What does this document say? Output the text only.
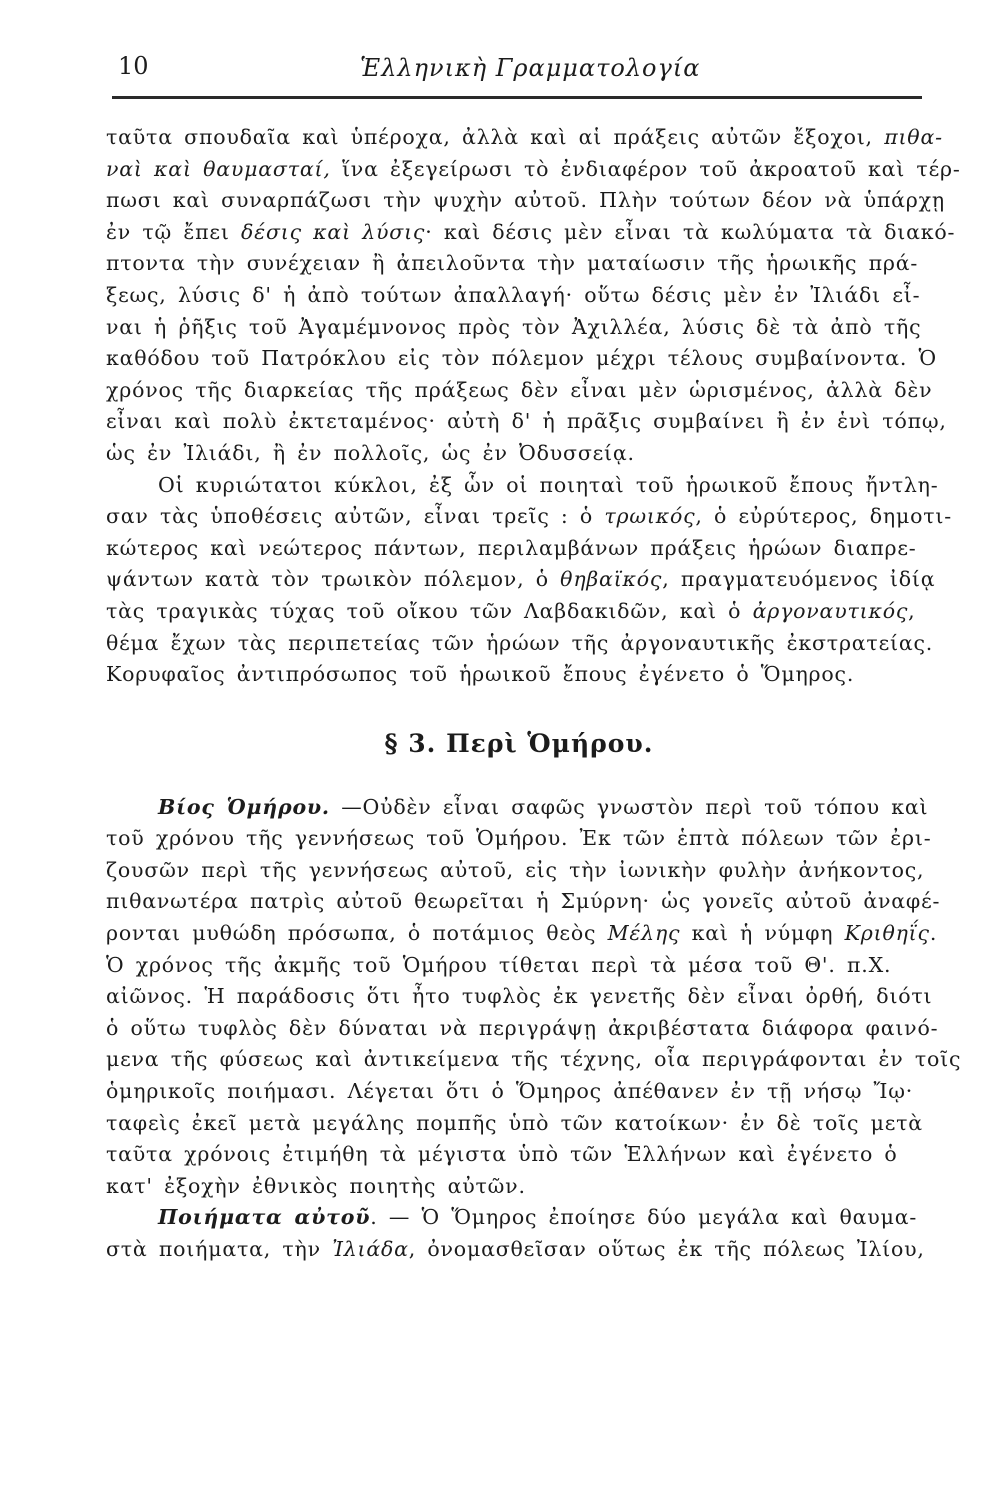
10	Ἑλληνικὴ Γραμματολογία
ταῦτα σπουδαῖα καὶ ὑπέροχα, ἀλλὰ καὶ αἱ πράξεις αὐτῶν ἔξοχοι, πιθα-
ναὶ καὶ θαυμασταί, ἵνα ἐξεγείρωσι τὸ ἐνδιαφέρον τοῦ ἀκροατοῦ καὶ τέρ-
πωσι καὶ συναρπάζωσι τὴν ψυχὴν αὐτοῦ. Πλὴν τούτων δέον νὰ ὑπάρχῃ
ἐν τῷ ἔπει δέσις καὶ λύσις· καὶ δέσις μὲν εἶναι τὰ κωλύματα τὰ διακό-
πτοντα τὴν συνέχειαν ἢ ἀπειλοῦντα τὴν ματαίωσιν τῆς ἡρωικῆς πρά-
ξεως, λύσις δ' ἡ ἀπὸ τούτων ἀπαλλαγή· οὕτω δέσις μὲν ἐν Ἰλιάδι εἶ-
ναι ἡ ῥῆξις τοῦ Ἀγαμέμνονος πρὸς τὸν Ἀχιλλέα, λύσις δὲ τὰ ἀπὸ τῆς
καθόδου τοῦ Πατρόκλου εἰς τὸν πόλεμον μέχρι τέλους συμβαίνοντα. Ὁ
χρόνος τῆς διαρκείας τῆς πράξεως δὲν εἶναι μὲν ὡρισμένος, ἀλλὰ δὲν
εἶναι καὶ πολὺ ἐκτεταμένος· αὐτὴ δ' ἡ πρᾶξις συμβαίνει ἢ ἐν ἑνὶ τόπῳ,
ὡς ἐν Ἰλιάδι, ἢ ἐν πολλοῖς, ὡς ἐν Ὀδυσσείᾳ.
Οἱ κυριώτατοι κύκλοι, ἐξ ὧν οἱ ποιηταὶ τοῦ ἡρωικοῦ ἔπους ἤντλη-
σαν τὰς ὑποθέσεις αὐτῶν, εἶναι τρεῖς : ὁ τρωικός, ὁ εὐρύτερος, δημοτι-
κώτερος καὶ νεώτερος πάντων, περιλαμβάνων πράξεις ἡρώων διαπρε-
ψάντων κατὰ τὸν τρωικὸν πόλεμον, ὁ θηβαϊκός, πραγματευόμενος ἰδίᾳ
τὰς τραγικὰς τύχας τοῦ οἴκου τῶν Λαβδακιδῶν, καὶ ὁ ἀργοναυτικός,
θέμα ἔχων τὰς περιπετείας τῶν ἡρώων τῆς ἀργοναυτικῆς ἐκστρατείας.
Κορυφαῖος ἀντιπρόσωπος τοῦ ἡρωικοῦ ἔπους ἐγένετο ὁ Ὅμηρος.
§ 3. Περὶ Ὁμήρου.
Βίος Ὁμήρου. —Οὐδὲν εἶναι σαφῶς γνωστὸν περὶ τοῦ τόπου καὶ
τοῦ χρόνου τῆς γεννήσεως τοῦ Ὁμήρου. Ἐκ τῶν ἑπτὰ πόλεων τῶν ἐρι-
ζουσῶν περὶ τῆς γεννήσεως αὐτοῦ, εἰς τὴν ἰωνικὴν φυλὴν ἀνήκοντος,
πιθανωτέρα πατρὶς αὐτοῦ θεωρεῖται ἡ Σμύρνη· ὡς γονεῖς αὐτοῦ ἀναφέ-
ρονται μυθώδη πρόσωπα, ὁ ποτάμιος θεὸς Μέλης καὶ ἡ νύμφη Κριθηΐς.
Ὁ χρόνος τῆς ἀκμῆς τοῦ Ὁμήρου τίθεται περὶ τὰ μέσα τοῦ Θ'. π.Χ.
αἰῶνος. Ἡ παράδοσις ὅτι ἦτο τυφλὸς ἐκ γενετῆς δὲν εἶναι ὀρθή, διότι
ὁ οὕτω τυφλὸς δὲν δύναται νὰ περιγράψῃ ἀκριβέστατα διάφορα φαινό-
μενα τῆς φύσεως καὶ ἀντικείμενα τῆς τέχνης, οἷα περιγράφονται ἐν τοῖς
ὁμηρικοῖς ποιήμασι. Λέγεται ὅτι ὁ Ὅμηρος ἀπέθανεν ἐν τῇ νήσῳ Ἴῳ·
ταφεὶς ἐκεῖ μετὰ μεγάλης πομπῆς ὑπὸ τῶν κατοίκων· ἐν δὲ τοῖς μετὰ
ταῦτα χρόνοις ἐτιμήθη τὰ μέγιστα ὑπὸ τῶν Ἑλλήνων καὶ ἐγένετο ὁ
κατ' ἐξοχὴν ἐθνικὸς ποιητὴς αὐτῶν.
Ποιήματα αὐτοῦ. — Ὁ Ὅμηρος ἐποίησε δύο μεγάλα καὶ θαυμα-
στὰ ποιήματα, τὴν Ἰλιάδα, ὀνομασθεῖσαν οὕτως ἐκ τῆς πόλεως Ἰλίου,
